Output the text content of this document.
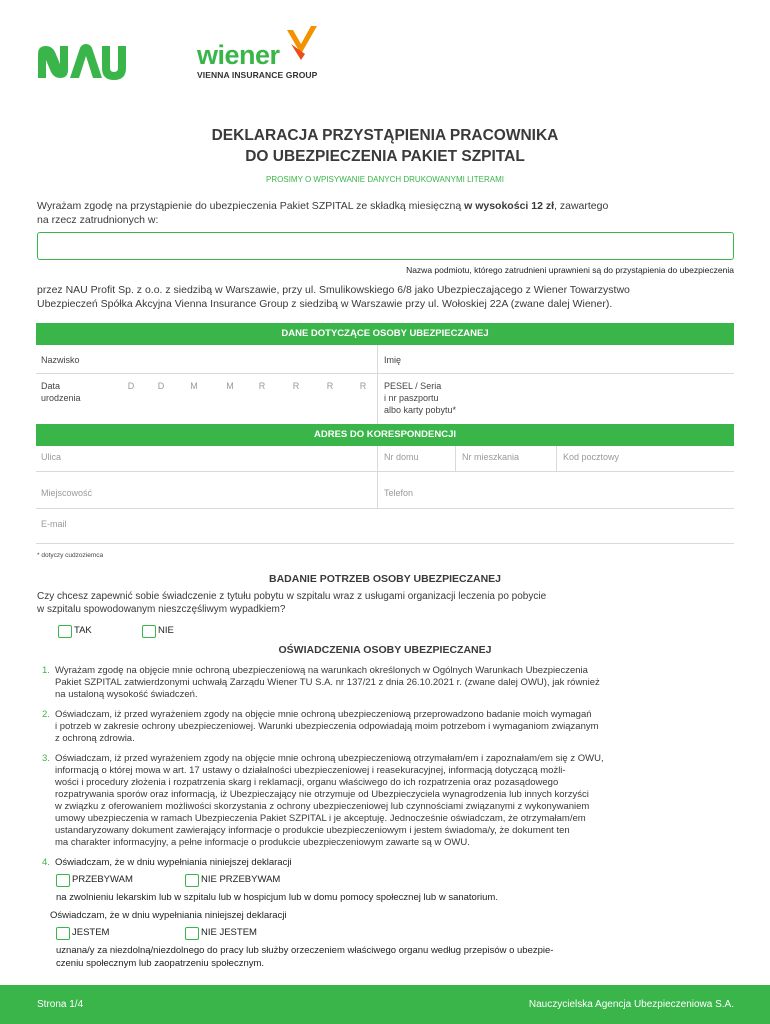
wiener
VIENNA INSURANCE GROUP
DEKLARACJA PRZYSTĄPIENIA PRACOWNIKA
DO UBEZPIECZENIA PAKIET SZPITAL
PROSIMY O WPISYWANIE DANYCH DRUKOWANYMI LITERAMI
Wyrażam zgodę na przystąpienie do ubezpieczenia Pakiet SZPITAL ze składką miesięczną w wysokości 12 zł, zawartego
na rzecz zatrudnionych w:
Nazwa podmiotu, którego zatrudnieni uprawnieni są do przystąpienia do ubezpieczenia
przez NAU Profit Sp. z o.o. z siedzibą w Warszawie, przy ul. Smulikowskiego 6/8 jako Ubezpieczającego z Wiener Towarzystwo
Ubezpieczeń Spółka Akcyjna Vienna Insurance Group z siedzibą w Warszawie przy ul. Wołoskiej 22A (zwane dalej Wiener).
DANE DOTYCZĄCE OSOBY UBEZPIECZANEJ
Nazwisko	Imię
Data
urodzenia
D	D	M	M	R	R	R	R	PESEL / Seria
i nr paszportu
albo karty pobytu*
ADRES DO KORESPONDENCJI
Ulica	Nr domu	Nr mieszkania	Kod pocztowy
Miejscowość	Telefon
E-mail
* dotyczy cudzoziemca
BADANIE POTRZEB OSOBY UBEZPIECZANEJ
Czy chcesz zapewnić sobie świadczenie z tytułu pobytu w szpitalu wraz z usługami organizacji leczenia po pobycie
w szpitalu spowodowanym nieszczęśliwym wypadkiem?
TAK	NIE
OŚWIADCZENIA OSOBY UBEZPIECZANEJ
1. Wyrażam zgodę na objęcie mnie ochroną ubezpieczeniową na warunkach określonych w Ogólnych Warunkach Ubezpieczenia
Pakiet SZPITAL zatwierdzonymi uchwałą Zarządu Wiener TU S.A. nr 137/21 z dnia 26.10.2021 r. (zwane dalej OWU), jak również
na ustaloną wysokość świadczeń.
2. Oświadczam, iż przed wyrażeniem zgody na objęcie mnie ochroną ubezpieczeniową przeprowadzono badanie moich wymagań
i potrzeb w zakresie ochrony ubezpieczeniowej. Warunki ubezpieczenia odpowiadają moim potrzebom i wymaganiom związanym
z ochroną zdrowia.
3. Oświadczam, iż przed wyrażeniem zgody na objęcie mnie ochroną ubezpieczeniową otrzymałam/em i zapoznałam/em się z OWU,
informacją o której mowa w art. 17 ustawy o działalności ubezpieczeniowej i reasekuracyjnej, informacją dotyczącą możli-
wości i procedury złożenia i rozpatrzenia skarg i reklamacji, organu właściwego do ich rozpatrzenia oraz pozasądowego
rozpatrywania sporów oraz informacją, iż Ubezpieczający nie otrzymuje od Ubezpieczyciela wynagrodzenia lub innych korzyści
w związku z oferowaniem możliwości skorzystania z ochrony ubezpieczeniowej lub czynnościami związanymi z wykonywaniem
umowy ubezpieczenia w ramach Ubezpieczenia Pakiet SZPITAL i je akceptuję. Jednocześnie oświadczam, że otrzymałam/em
ustandaryzowany dokument zawierający informacje o produkcie ubezpieczeniowym i jestem świadoma/y, że dokument ten
ma charakter informacyjny, a pełne informacje o produkcie ubezpieczeniowym zawarte są w OWU.
4. Oświadczam, że w dniu wypełniania niniejszej deklaracji
PRZEBYWAM	NIE PRZEBYWAM
na zwolnieniu lekarskim lub w szpitalu lub w hospicjum lub w domu pomocy społecznej lub w sanatorium.
Oświadczam, że w dniu wypełniania niniejszej deklaracji
JESTEM	NIE JESTEM
uznana/y za niezdolną/niezdolnego do pracy lub służby orzeczeniem właściwego organu według przepisów o ubezpie-
czeniu społecznym lub zaopatrzeniu społecznym.
Strona 1/4	Nauczycielska Agencja Ubezpieczeniowa S.A.
